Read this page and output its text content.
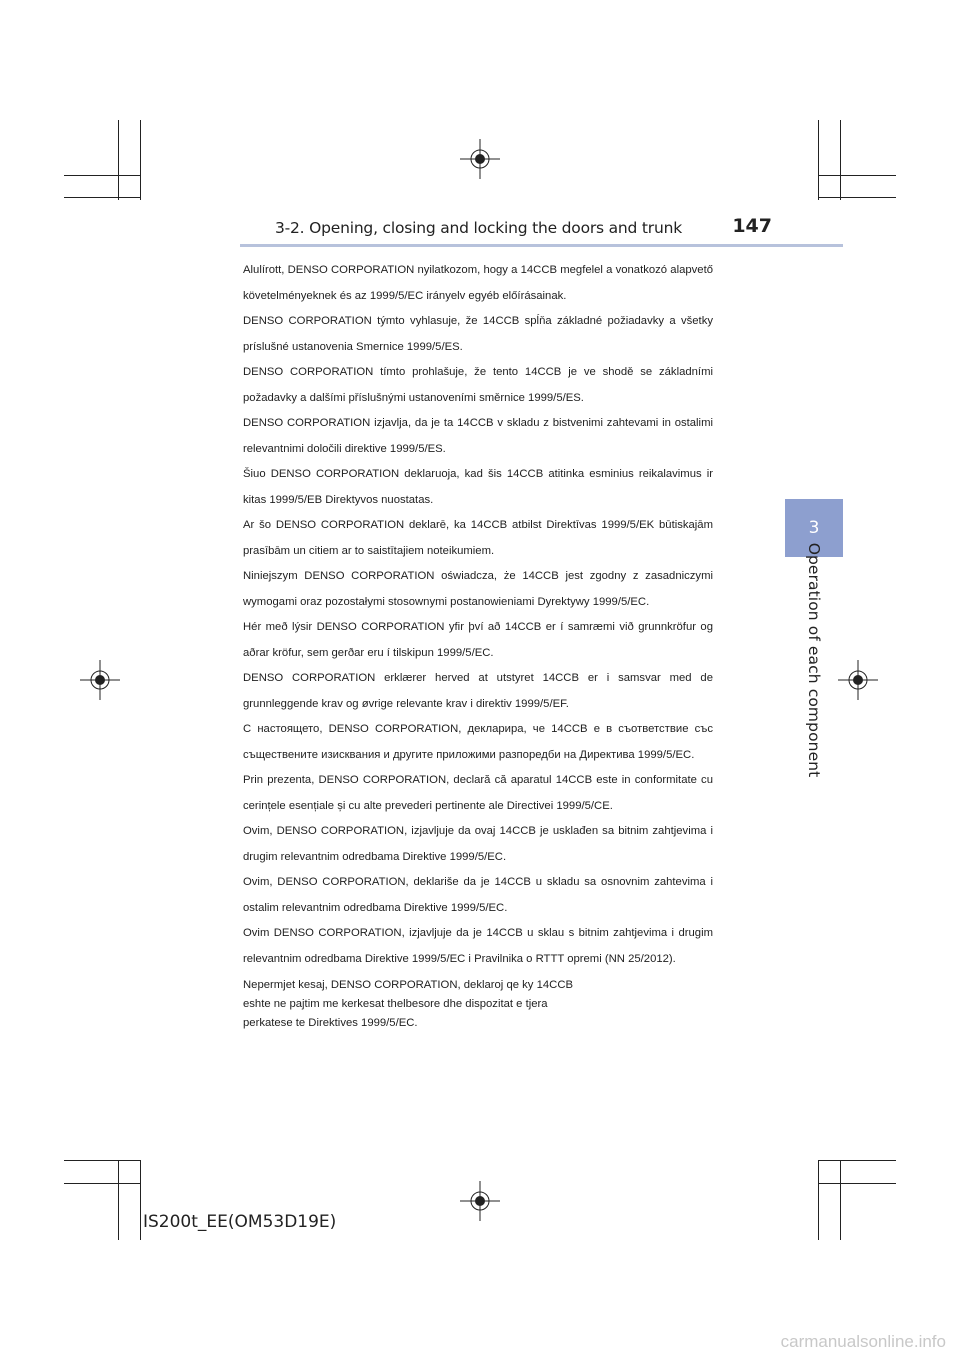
3-2. Opening, closing and locking the doors and trunk	147
3
Operation of each component

Alulírott, DENSO CORPORATION nyilatkozom, hogy a 14CCB megfelel a vonatkozó alapvető követelményeknek és az 1999/5/EC irányelv egyéb előírásainak.

DENSO CORPORATION týmto vyhlasuje, že 14CCB spĺňa základné požiadavky a všetky príslušné ustanovenia Smernice 1999/5/ES.

DENSO CORPORATION tímto prohlašuje, že tento 14CCB je ve shodě se základními požadavky a dalšími příslušnými ustanoveními směrnice 1999/5/ES.

DENSO CORPORATION izjavlja, da je ta 14CCB v skladu z bistvenimi zahtevami in ostalimi relevantnimi določili direktive 1999/5/ES.

Šiuo DENSO CORPORATION deklaruoja, kad šis 14CCB atitinka esminius reikalavimus ir kitas 1999/5/EB Direktyvos nuostatas.

Ar šo DENSO CORPORATION deklarē, ka 14CCB atbilst Direktīvas 1999/5/EK būtiskajām prasībām un citiem ar to saistītajiem noteikumiem.

Niniejszym DENSO CORPORATION oświadcza, że 14CCB jest zgodny z zasadniczymi wymogami oraz pozostałymi stosownymi postanowieniami Dyrektywy 1999/5/EC.

Hér með lýsir DENSO CORPORATION yfir því að 14CCB er í samræmi við grunnkröfur og aðrar kröfur, sem gerðar eru í tilskipun 1999/5/EC.

DENSO CORPORATION erklærer herved at utstyret 14CCB er i samsvar med de grunnleggende krav og øvrige relevante krav i direktiv 1999/5/EF.

С настоящето, DENSO CORPORATION, декларира, че 14CCB е в съответствие със съществените изисквания и другите приложими разпоредби на Директива 1999/5/EC.

Prin prezenta, DENSO CORPORATION, declară că aparatul 14CCB este in conformitate cu cerințele esențiale și cu alte prevederi pertinente ale Directivei 1999/5/CE.

Ovim, DENSO CORPORATION, izjavljuje da ovaj 14CCB je usklađen sa bitnim zahtjevima i drugim relevantnim odredbama Direktive 1999/5/EC.

Ovim, DENSO CORPORATION, deklariše da je 14CCB u skladu sa osnovnim zahtevima i ostalim relevantnim odredbama Direktive 1999/5/EC.

Ovim DENSO CORPORATION, izjavljuje da je 14CCB u sklau s bitnim zahtjevima i drugim relevantnim odredbama Direktive 1999/5/EC i Pravilnika o RTTT opremi (NN 25/2012).

Nepermjet kesaj, DENSO CORPORATION, deklaroj qe ky 14CCB eshte ne pajtim me kerkesat thelbesore dhe dispozitat e tjera perkatese te Direktives 1999/5/EC.

IS200t_EE(OM53D19E)
carmanualsonline.info
